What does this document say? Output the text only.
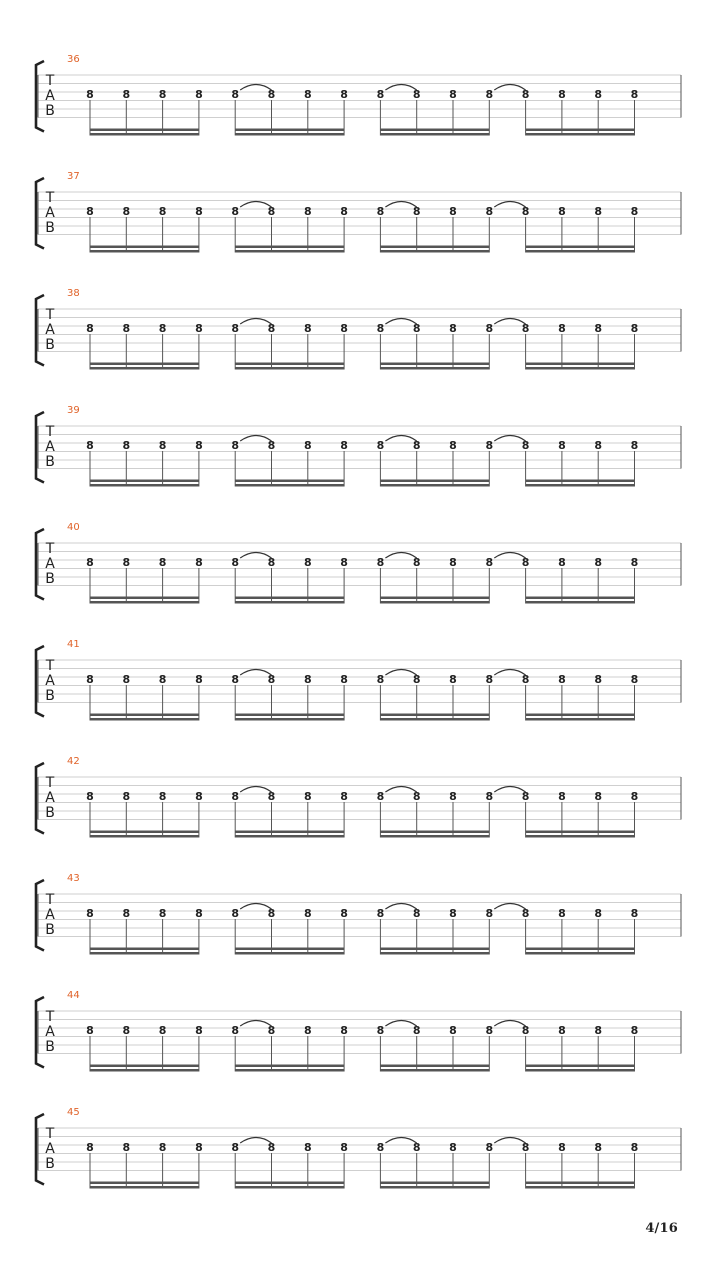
T
A
B
36
8	8	8	8	8	8	8	8	8	8	8	8	8	8	8	8
T
A
B
37
8	8	8	8	8	8	8	8	8	8	8	8	8	8	8	8
T
A
B
38
8	8	8	8	8	8	8	8	8	8	8	8	8	8	8	8
T
A
B
39
8	8	8	8	8	8	8	8	8	8	8	8	8	8	8	8
T
A
B
40
8	8	8	8	8	8	8	8	8	8	8	8	8	8	8	8
T
A
B
41
8	8	8	8	8	8	8	8	8	8	8	8	8	8	8	8
T
A
B
42
8	8	8	8	8	8	8	8	8	8	8	8	8	8	8	8
T
A
B
43
8	8	8	8	8	8	8	8	8	8	8	8	8	8	8	8
T
A
B
44
8	8	8	8	8	8	8	8	8	8	8	8	8	8	8	8
T
A
B
45
8	8	8	8	8	8	8	8	8	8	8	8	8	8	8	8
4/16
